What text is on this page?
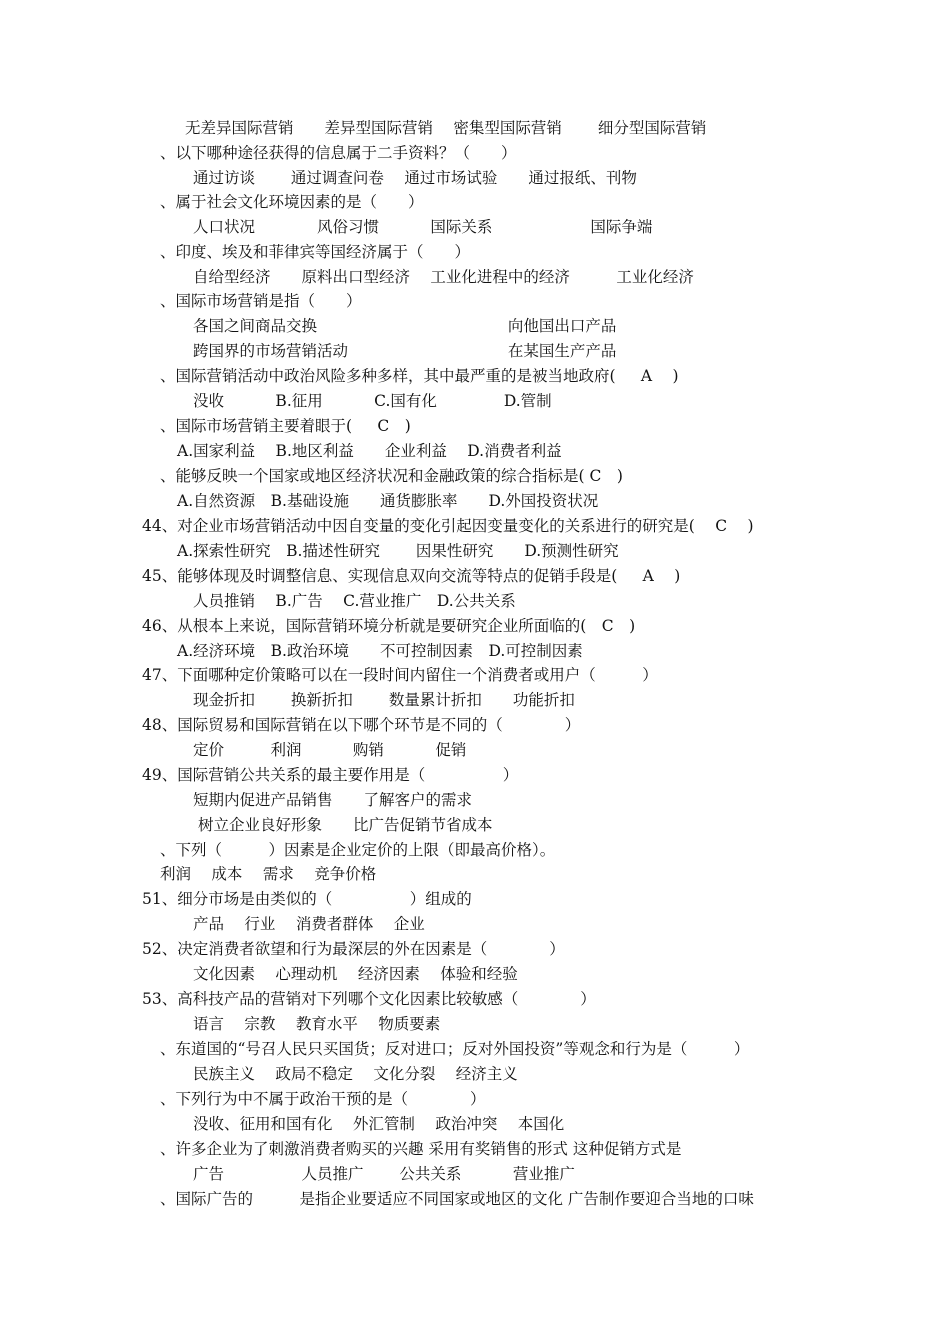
无差异国际营销　　差异型国际营销　 密集型国际营销　　 细分型国际营销
、以下哪种途径获得的信息属于二手资料？（　　）
通过访谈　　 通过调查问卷　 通过市场试验　　通过报纸、刊物
、属于社会文化环境因素的是（　　）
人口状况　　　　风俗习惯　　　 国际关系　　　　　　 国际争端
、印度、埃及和菲律宾等国经济属于（　　）
自给型经济　　原料出口型经济　 工业化进程中的经济　　　工业化经济
、国际市场营销是指（　　）
各国之间商品交换　　　　　　　　　　　　 向他国出口产品
跨国界的市场营销活动　　　　　　　　　　 在某国生产产品
、国际营销活动中政治风险多种多样，其中最严重的是被当地政府(　  A　 )
没收　　　 B.征用　　　 C.国有化　　　　 D.管制
、国际市场营销主要着眼于(　  C　)
A.国家利益　 B.地区利益　　企业利益　 D.消费者利益
、能够反映一个国家或地区经济状况和金融政策的综合指标是( C　)
A.自然资源　B.基础设施　　通货膨胀率　　D.外国投资状况
44、对企业市场营销活动中因自变量的变化引起因变量变化的关系进行的研究是(　 C　 )
A.探索性研究　B.描述性研究　　 因果性研究　　D.预测性研究
45、能够体现及时调整信息、实现信息双向交流等特点的促销手段是(　  A　 )
人员推销　 B.广告　 C.营业推广　D.公共关系
46、从根本上来说，国际营销环境分析就是要研究企业所面临的(　C　)
A.经济环境　B.政治环境　　不可控制因素　D.可控制因素
47、下面哪种定价策略可以在一段时间内留住一个消费者或用户（　　　）
现金折扣　　 换新折扣　　 数量累计折扣　　功能折扣
48、国际贸易和国际营销在以下哪个环节是不同的（　　　　）
定价　　　利润　　　 购销　　　 促销
49、国际营销公共关系的最主要作用是（　　　　　）
短期内促进产品销售　　了解客户的需求
树立企业良好形象　　比广告促销节省成本
、下列（　　　）因素是企业定价的上限（即最高价格）。
利润　 成本　 需求　 竞争价格
51、细分市场是由类似的（　　　　　）组成的
产品　 行业　 消费者群体　 企业
52、决定消费者欲望和行为最深层的外在因素是（　　　　）
文化因素　 心理动机　 经济因素　 体验和经验
53、高科技产品的营销对下列哪个文化因素比较敏感（　　　　）
语言　 宗教　 教育水平　 物质要素
、东道国的“号召人民只买国货；反对进口；反对外国投资”等观念和行为是（　　　）
民族主义　 政局不稳定　 文化分裂　 经济主义
、下列行为中不属于政治干预的是（　　　　）
没收、征用和国有化　 外汇管制　 政治冲突　 本国化
、许多企业为了刺激消费者购买的兴趣 采用有奖销售的形式 这种促销方式是
广告　　　　　人员推广　　 公共关系　　　 营业推广
、国际广告的　　　是指企业要适应不同国家或地区的文化 广告制作要迎合当地的口味
